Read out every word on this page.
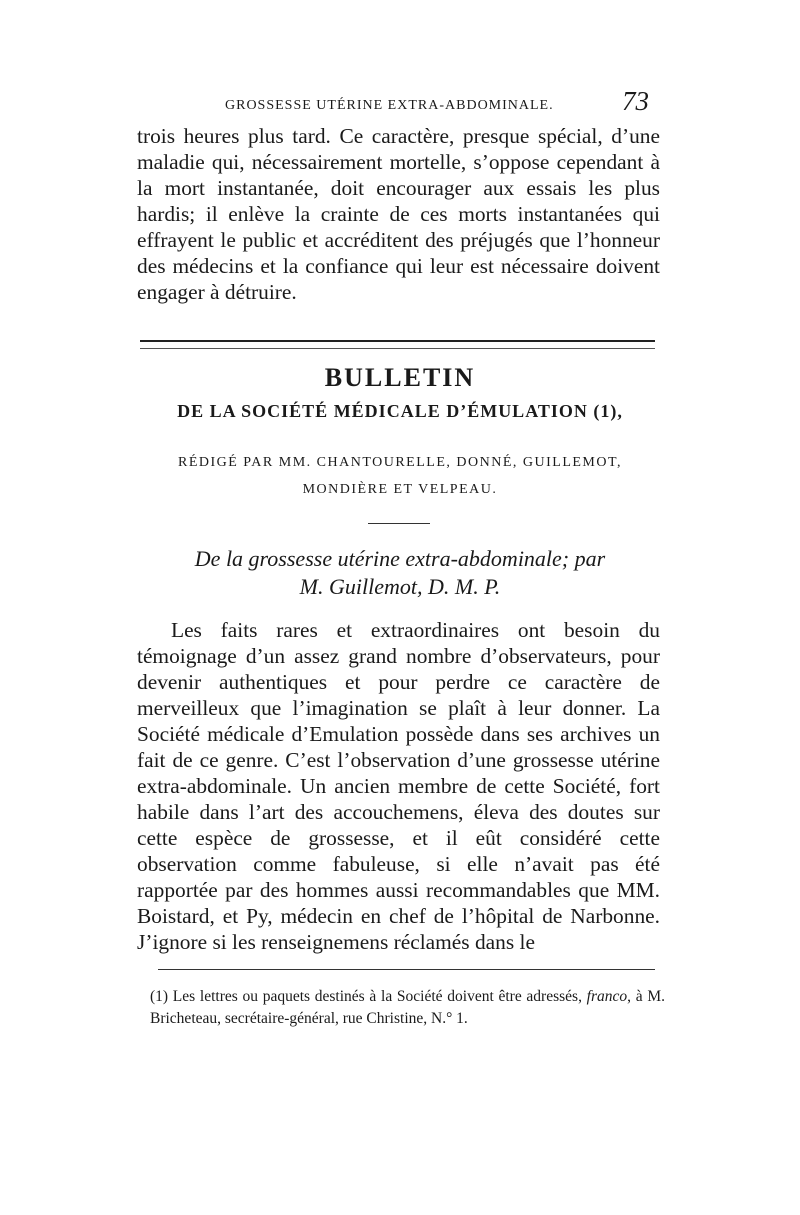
GROSSESSE UTÉRINE EXTRA-ABDOMINALE.	73

trois heures plus tard. Ce caractère, presque spécial, d’une maladie qui, nécessairement mortelle, s’oppose cependant à la mort instantanée, doit encourager aux essais les plus hardis; il enlève la crainte de ces morts instantanées qui effrayent le public et accréditent des préjugés que l’honneur des médecins et la confiance qui leur est nécessaire doivent engager à détruire.

BULLETIN
DE LA SOCIÉTÉ MÉDICALE D’ÉMULATION (1),
RÉDIGÉ PAR MM. CHANTOURELLE, DONNÉ, GUILLEMOT,
MONDIÈRE ET VELPEAU.
De la grossesse utérine extra-abdominale; par
M. Guillemot, D. M. P.

Les faits rares et extraordinaires ont besoin du témoignage d’un assez grand nombre d’observateurs, pour devenir authentiques et pour perdre ce caractère de merveilleux que l’imagination se plaît à leur donner. La Société médicale d’Emulation possède dans ses archives un fait de ce genre. C’est l’observation d’une grossesse utérine extra-abdominale. Un ancien membre de cette Société, fort habile dans l’art des accouchemens, éleva des doutes sur cette espèce de grossesse, et il eût considéré cette observation comme fabuleuse, si elle n’avait pas été rapportée par des hommes aussi recommandables que MM. Boistard, et Py, médecin en chef de l’hôpital de Narbonne. J’ignore si les renseignemens réclamés dans le

(1) Les lettres ou paquets destinés à la Société doivent être adressés, franco, à M. Bricheteau, secrétaire-général, rue Christine, N.° 1.
